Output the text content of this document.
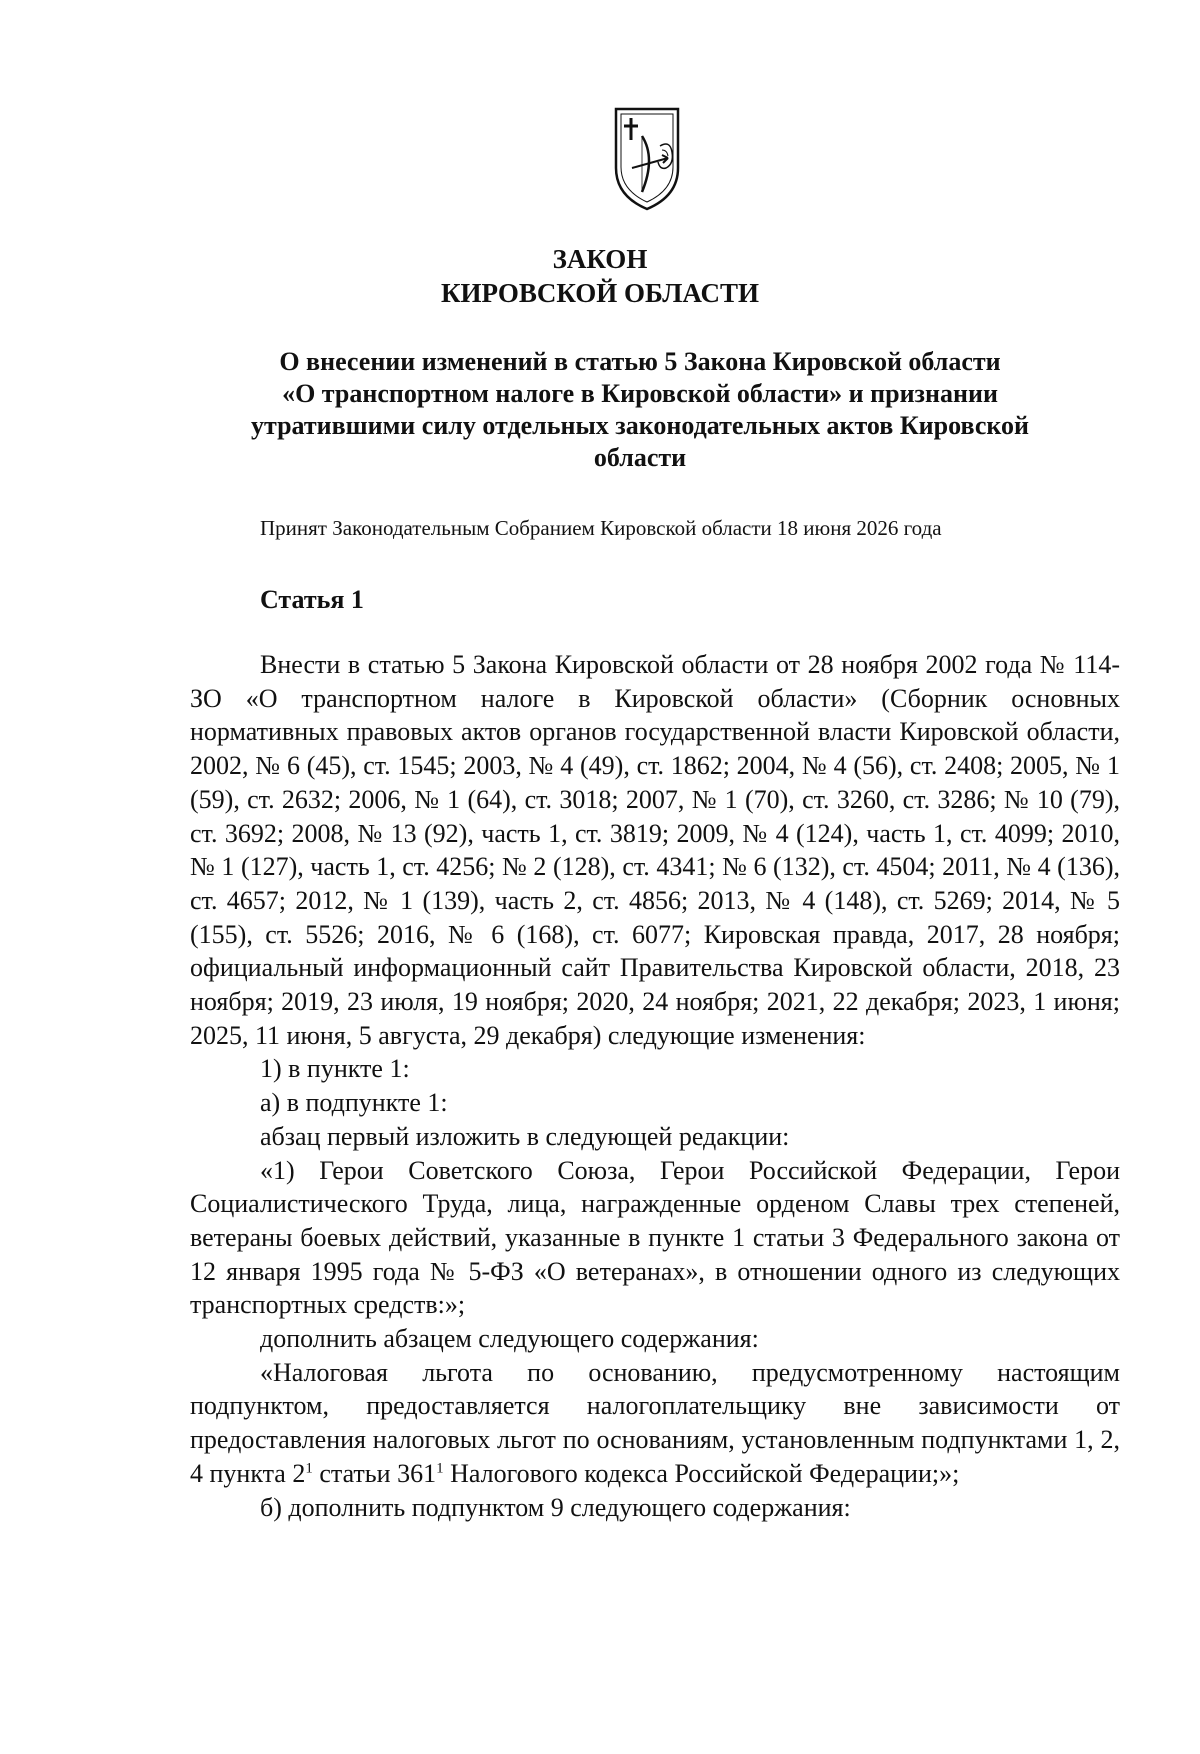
ЗАКОН
КИРОВСКОЙ ОБЛАСТИ
О внесении изменений в статью 5 Закона Кировской области
«О транспортном налоге в Кировской области» и признании
утратившими силу отдельных законодательных актов Кировской
области
Принят Законодательным Собранием Кировской области 18 июня 2026 года
Статья 1

Внести в статью 5 Закона Кировской области от 28 ноября 2002 года № 114-ЗО «О транспортном налоге в Кировской области» (Сборник основных нормативных правовых актов органов государственной власти Кировской области, 2002, № 6 (45), ст. 1545; 2003, № 4 (49), ст. 1862; 2004, № 4 (56), ст. 2408; 2005, № 1 (59), ст. 2632; 2006, № 1 (64), ст. 3018; 2007, № 1 (70), ст. 3260, ст. 3286; № 10 (79), ст. 3692; 2008, № 13 (92), часть 1, ст. 3819; 2009, № 4 (124), часть 1, ст. 4099; 2010, № 1 (127), часть 1, ст. 4256; № 2 (128), ст. 4341; № 6 (132), ст. 4504; 2011, № 4 (136), ст. 4657; 2012, № 1 (139), часть 2, ст. 4856; 2013, № 4 (148), ст. 5269; 2014, № 5 (155), ст. 5526; 2016, № 6 (168), ст. 6077; Кировская правда, 2017, 28 ноября; официальный информационный сайт Правительства Кировской области, 2018, 23 ноября; 2019, 23 июля, 19 ноября; 2020, 24 ноября; 2021, 22 декабря; 2023, 1 июня; 2025, 11 июня, 5 августа, 29 декабря) следующие изменения:

1) в пункте 1:

а) в подпункте 1:

абзац первый изложить в следующей редакции:

«1) Герои Советского Союза, Герои Российской Федерации, Герои Социалистического Труда, лица, награжденные орденом Славы трех степеней, ветераны боевых действий, указанные в пункте 1 статьи 3 Федерального закона от 12 января 1995 года № 5-ФЗ «О ветеранах», в отношении одного из следующих транспортных средств:»;

дополнить абзацем следующего содержания:

«Налоговая льгота по основанию, предусмотренному настоящим подпунктом, предоставляется налогоплательщику вне зависимости от предоставления налоговых льгот по основаниям, установленным подпунктами 1, 2, 4 пункта $2^1$ статьи $361^1$ Налогового кодекса Российской Федерации;»;

б) дополнить подпунктом 9 следующего содержания:
